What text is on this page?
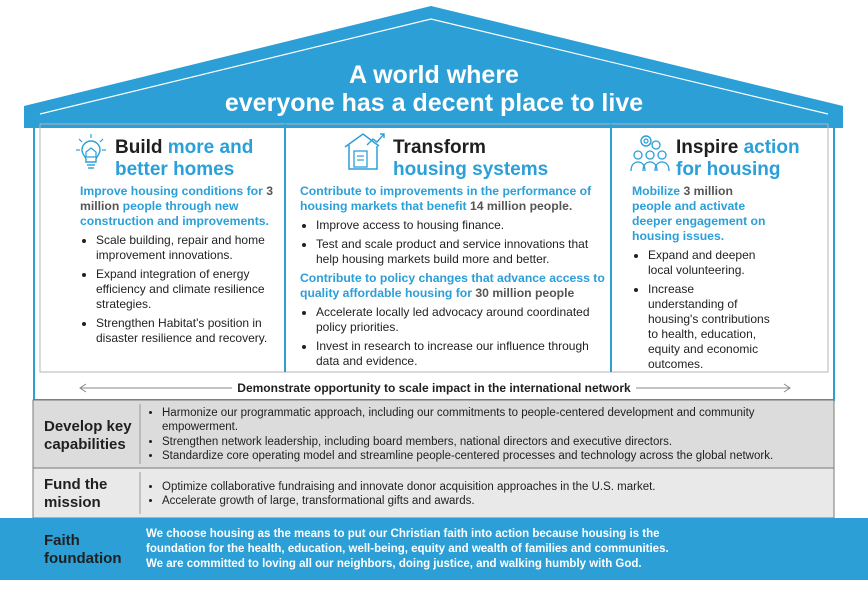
A world where
everyone has a decent place to live
Build more and
better homes
Improve housing conditions for 3 million people through new construction and improvements.
• Scale building, repair and home improvement innovations.
• Expand integration of energy efficiency and climate resilience strategies.
• Strengthen Habitat's position in disaster resilience and recovery.
Transform
housing systems
Contribute to improvements in the performance of housing markets that benefit 14 million people.
• Improve access to housing finance.
• Test and scale product and service innovations that help housing markets build more and better.
Contribute to policy changes that advance access to quality affordable housing for 30 million people
• Accelerate locally led advocacy around coordinated policy priorities.
• Invest in research to increase our influence through data and evidence.
Inspire action
for housing
Mobilize 3 million people and activate deeper engagement on housing issues.
• Expand and deepen local volunteering.
• Increase understanding of housing's contributions to health, education, equity and economic outcomes.
Demonstrate opportunity to scale impact in the international network
Develop key capabilities
• Harmonize our programmatic approach, including our commitments to people-centered development and community empowerment.
• Strengthen network leadership, including board members, national directors and executive directors.
• Standardize core operating model and streamline people-centered processes and technology across the global network.
Fund the mission
• Optimize collaborative fundraising and innovate donor acquisition approaches in the U.S. market.
• Accelerate growth of large, transformational gifts and awards.
Faith foundation
We choose housing as the means to put our Christian faith into action because housing is the
foundation for the health, education, well-being, equity and wealth of families and communities.
We are committed to loving all our neighbors, doing justice, and walking humbly with God.
